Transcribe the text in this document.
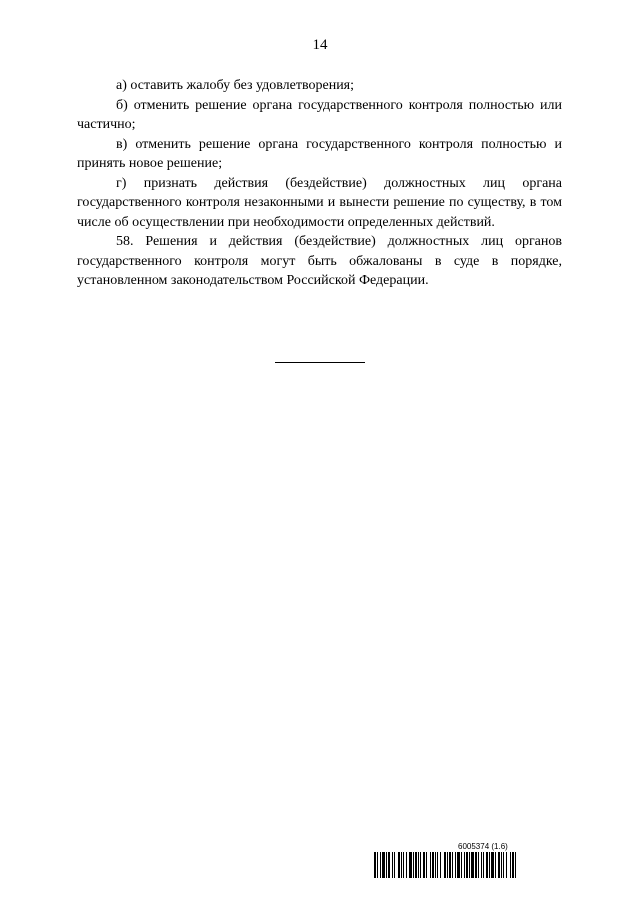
14

а) оставить жалобу без удовлетворения;

б) отменить решение органа государственного контроля полностью или частично;

в) отменить решение органа государственного контроля полностью и принять новое решение;

г) признать действия (бездействие) должностных лиц органа государственного контроля незаконными и вынести решение по существу, в том числе об осуществлении при необходимости определенных действий.

58. Решения и действия (бездействие) должностных лиц органов государственного контроля могут быть обжалованы в суде в порядке, установленном законодательством Российской Федерации.

6005374 (1.6)
